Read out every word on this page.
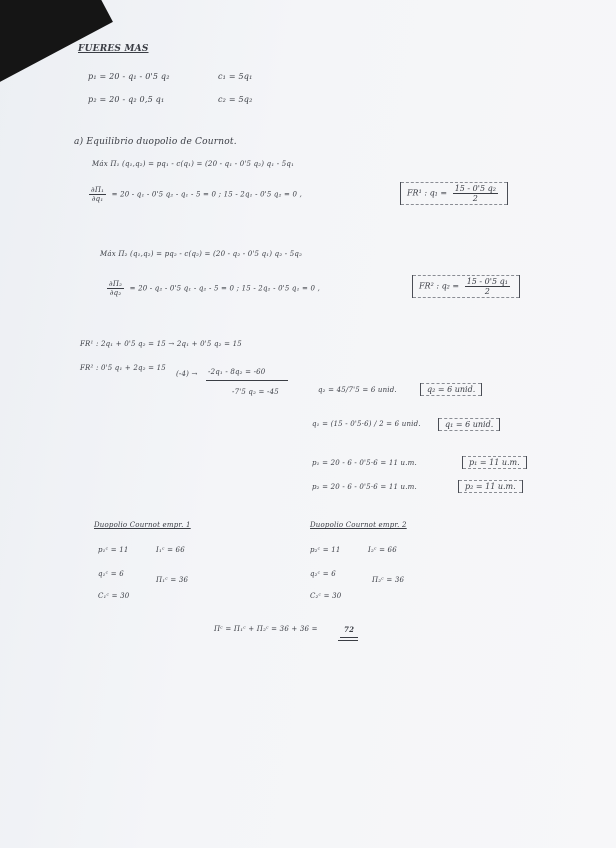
FUERES MAS
p₁ = 20 - q₁ - 0'5 q₂	c₁ = 5q₁
p₂ = 20 - q₂ 0,5 q₁	c₂ = 5q₂
a) Equilibrio duopolio de Cournot.
Máx Π₁ (q₁,q₂) = pq₁ - c(q₁) = (20 - q₁ - 0'5 q₂) q₁ - 5q₁
$\frac{\text{∂Π₁}}{\text{∂q₁}} = 20 - q_1 - 0'5$ q₂ - q₁ - 5 = 0 ; 15 - 2q₁ - 0'5 q₂ = 0 ,	FR¹ : $q_1 = \frac{\text{15 - 0'5 q₂}}{2}$
Máx Π₂ (q₁,q₂) = pq₂ - c(q₂) = (20 - q₂ - 0'5 q₁) q₂ - 5q₂
$\frac{\text{∂Π₂}}{\text{∂q₂}} = 20 - q_2 - 0'5$ q₁ - q₂ - 5 = 0 ; 15 - 2q₂ - 0'5 q₁ = 0 ,	FR² : $q_2 = \frac{\text{15 - 0'5 q₁}}{2}$
FR¹ : 2q₁ + 0'5 q₂ = 15 → 2q₁ + 0'5 q₂ = 15
FR² : 0'5 q₁ + 2q₂ = 15
(-4) → -2q₁ - 8q₂ = -60
-7'5 q₂ = -45	q₂ = 45/7'5 = 6 unid.	q₂ = 6 unid.
q₁ = (15 - 0'5·6) / 2 = 6 unid.	q₁ = 6 unid.
p₁ = 20 - 6 - 0'5·6 = 11 u.m.	p₁ = 11 u.m.
p₂ = 20 - 6 - 0'5·6 = 11 u.m.	p₂ = 11 u.m.
Duopolio Cournot empr. 1
p₁ᶜ = 11	I₁ᶜ = 66
q₁ᶜ = 6
Π₁ᶜ = 36
C₁ᶜ = 30
Duopolio Cournot empr. 2
p₂ᶜ = 11	I₂ᶜ = 66
q₂ᶜ = 6
Π₂ᶜ = 36
C₂ᶜ = 30
Πᶜ = Π₁ᶜ + Π₂ᶜ = 36 + 36 =	72
